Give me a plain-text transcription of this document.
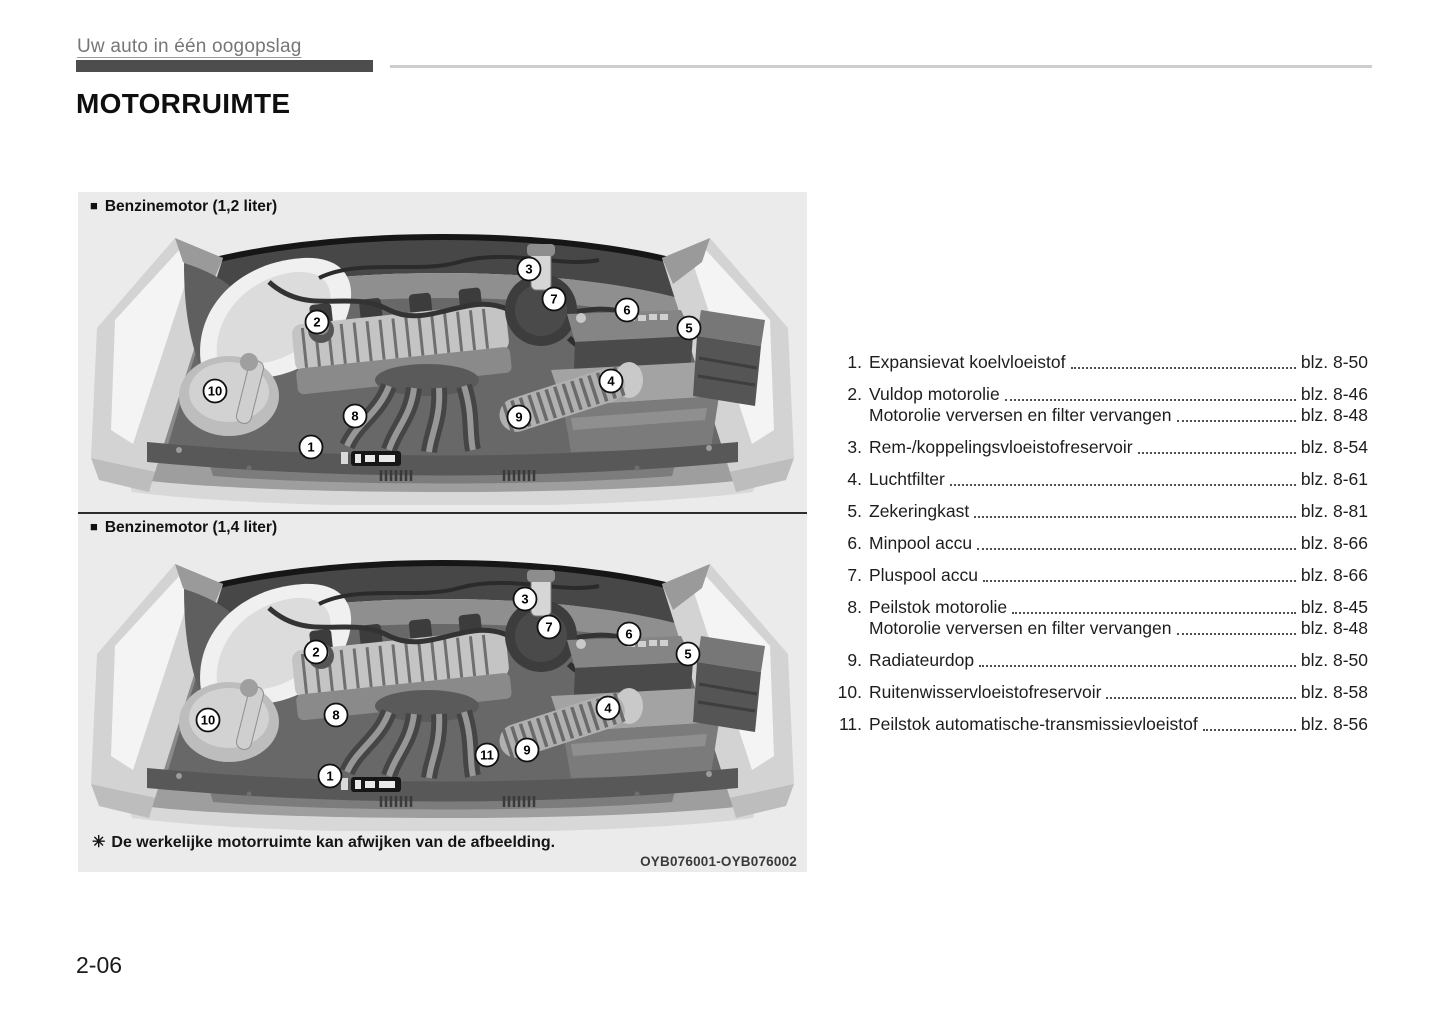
Uw auto in één oogopslag
MOTORRUIMTE
■ Benzinemotor (1,2 liter)
1
2
3
4
5
6
7
8	9
10
■ Benzinemotor (1,4 liter)
1
2
3
4
5
6
7
8
9
10
11
✳ De werkelijke motorruimte kan afwijken van de afbeelding.
OYB076001-OYB076002
1. Expansievat koelvloeistof	blz. 8-50
2. Vuldop motorolie	blz. 8-46
Motorolie verversen en filter vervangen	blz. 8-48
3. Rem-/koppelingsvloeistofreservoir	blz. 8-54
4. Luchtfilter	blz. 8-61
5. Zekeringkast	blz. 8-81
6. Minpool accu	blz. 8-66
7. Pluspool accu	blz. 8-66
8. Peilstok motorolie	blz. 8-45
Motorolie verversen en filter vervangen	blz. 8-48
9. Radiateurdop	blz. 8-50
10. Ruitenwisservloeistofreservoir	blz. 8-58
11. Peilstok automatische-transmissievloeistof	blz. 8-56
2-06
